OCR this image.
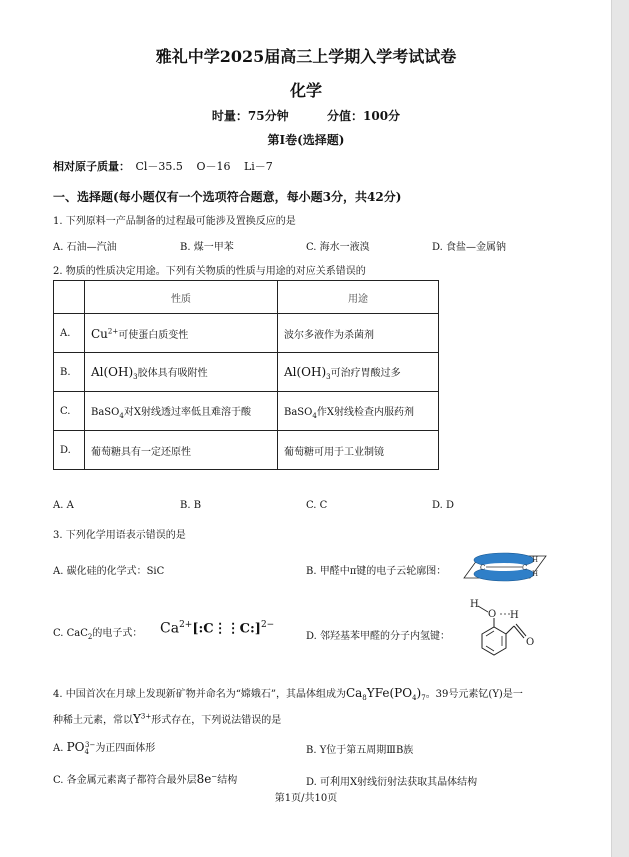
雅礼中学2025届高三上学期入学考试试卷
化学
时量：75分钟	分值：100分
第Ⅰ卷(选择题)
相对原子质量： Cl－35.5 O－16 Li－7
一、选择题(每小题仅有一个选项符合题意，每小题3分，共42分)
1. 下列原料一产品制备的过程最可能涉及置换反应的是
A. 石油—汽油	B. 煤一甲苯	C. 海水一液溴	D. 食盐—金属钠
2. 物质的性质决定用途。下列有关物质的性质与用途的对应关系错误的
	性质	用途
A.	$Cu^{2+}$可使蛋白质变性	波尔多液作为杀菌剂
B.	$Al(OH)_3$胶体具有吸附性	$Al(OH)_3$可治疗胃酸过多
C.	BaSO$_4$对X射线透过率低且难溶于酸	BaSO$_4$作X射线检查内服药剂
D.	葡萄糖具有一定还原性	葡萄糖可用于工业制镜
A. A	B. B	C. C	D. D
3. 下列化学用语表示错误的是
A. 碳化硅的化学式：SiC	B. 甲醛中π键的电子云轮廓图：	C	C
H
H
C. CaC$_2$的电子式： $Ca^{2+}[:C⋮⋮C:]^{2-}$
D. 邻羟基苯甲醛的分子内氢键：
H
O H
O
4. 中国首次在月球上发现新矿物并命名为“嫦娥石”，其晶体组成为$Ca_8YFe(PO_4)_7$。39号元素钇(Y)是一
种稀土元素，常以$Y^{3+}$形式存在，下列说法错误的是
A. $PO_4^{3-}$为正四面体形	B. Y位于第五周期ⅢB族
C. 各金属元素离子都符合最外层8e−结构	D. 可利用X射线衍射法获取其晶体结构
第1页/共10页
